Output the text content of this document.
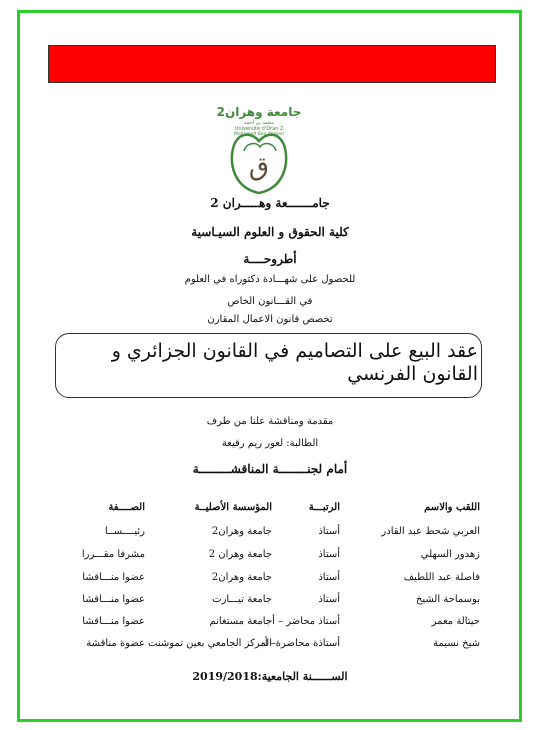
جامعة وهران2
محمد بن أحمد
Université d'Oran 2
Mohamed Ben Ahmed
ق
جامـــــــعة وهـــــران 2
كلية الحقوق و العلوم السيـاسية
أطروحــــة
للحصول على شهـــادة دكتوراه في العلوم
في القـــانون الخاص
تخصص قانون الاعمال المقارن
عقد البيع على التصاميم في القانون الجزائري و القانون الفرنسي
مقدمة ومناقشة علنا من طرف
الطالبة: لعور ريم رقيعة
أمام لجنــــــــة المناقشـــــــــة
اللقب والاسم
الرتبـــة
المؤسسة الأصليــة
الصــــفة
العربي شحط عبد القادر
أستاذ
جامعة وهران2
رئيــــســا
زهدور السهلي
أستاذ
جامعة وهران 2
مشرفا مقـــررا
فاصلة عبد اللطيف
أستاذ
جامعة وهران2
عضوا منـــاقشا
بوسماحة الشيخ
أستاذ
جامعة تيـــارت
عضوا منـــاقشا
حيتالة معمر
أستاذ محاضر – أ-
جامعة مستغانم
عضوا منـــاقشا
شيخ نسيمة
أستاذة محاضرة– أ-
المركز الجامعي بعين تموشنت
عضوة مناقشة
الســــــنة الجامعية:2019/2018
